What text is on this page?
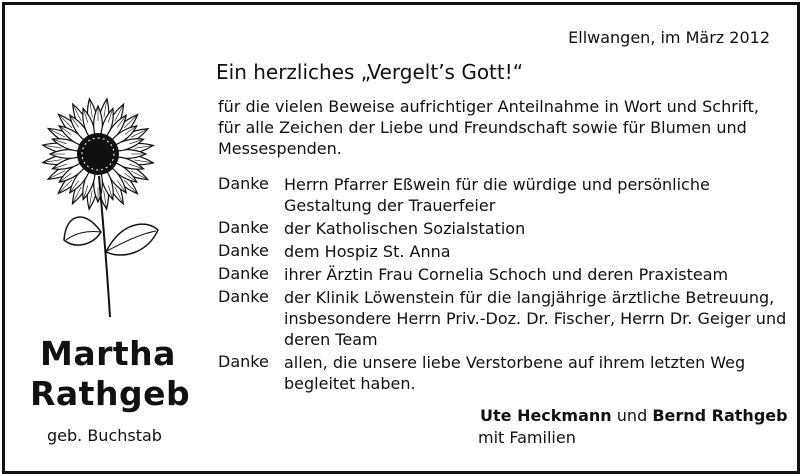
Ellwangen, im März 2012
Ein herzliches „Vergelt’s Gott!“
für die vielen Beweise aufrichtiger Anteilnahme in Wort und Schrift,
für alle Zeichen der Liebe und Freundschaft sowie für Blumen und
Messespenden.
Danke Herrn Pfarrer Eßwein für die würdige und persönliche
Gestaltung der Trauerfeier
Danke der Katholischen Sozialstation
Danke dem Hospiz St. Anna
Danke ihrer Ärztin Frau Cornelia Schoch und deren Praxisteam
Danke der Klinik Löwenstein für die langjährige ärztliche Betreuung,
insbesondere Herrn Priv.-Doz. Dr. Fischer, Herrn Dr. Geiger und
deren Team
Danke allen, die unsere liebe Verstorbene auf ihrem letzten Weg
begleitet haben.
Martha
Rathgeb
geb. Buchstab
Ute Heckmann und Bernd Rathgeb
mit Familien
